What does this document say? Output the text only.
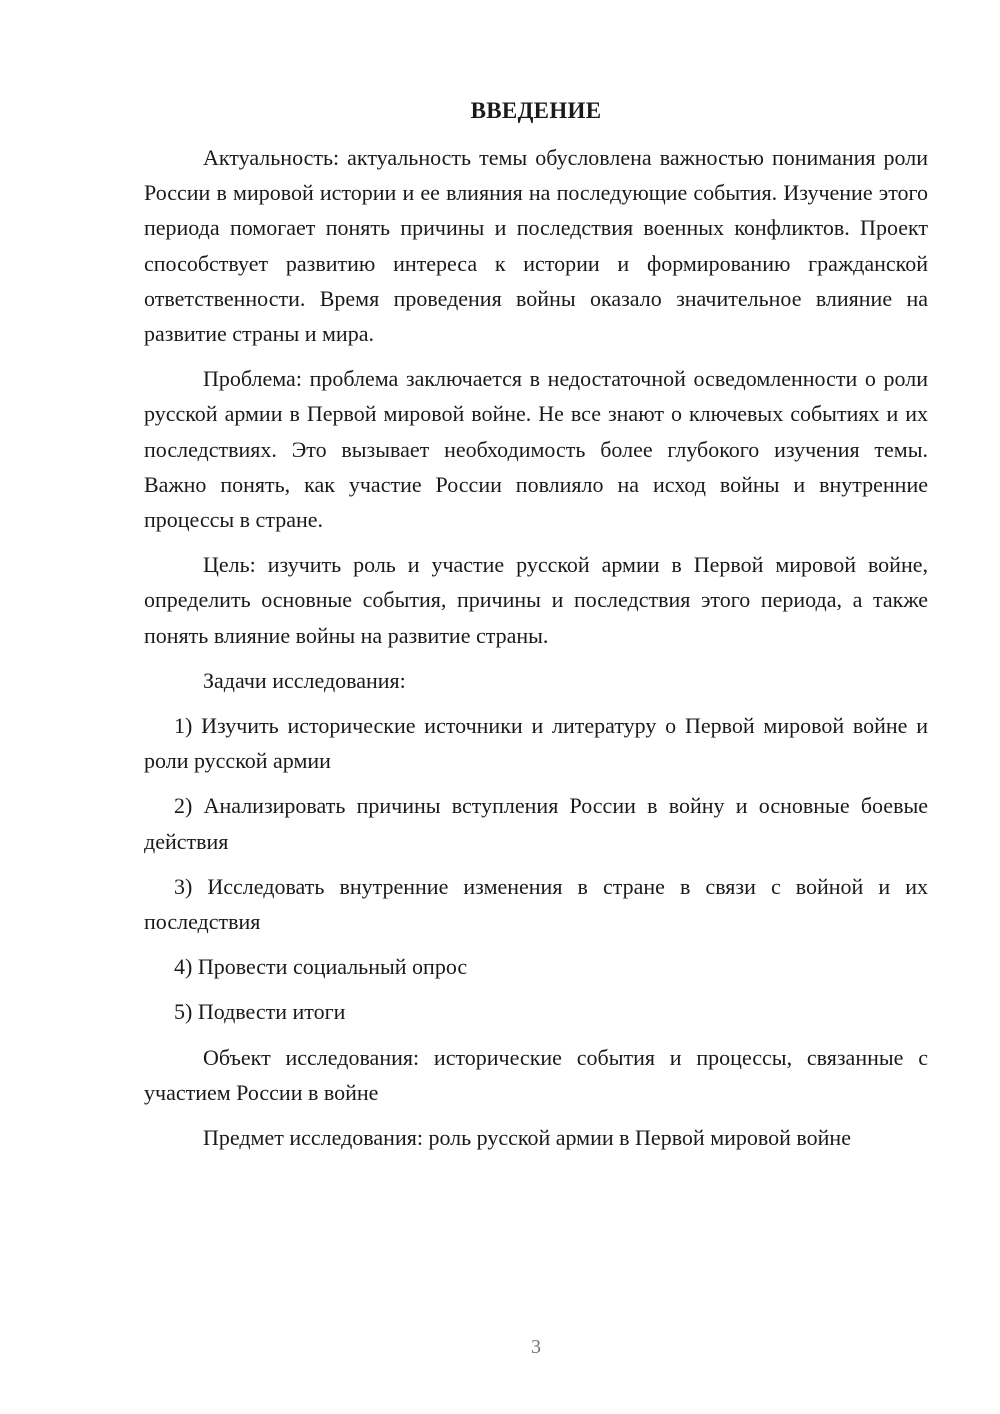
ВВЕДЕНИЕ

Актуальность: актуальность темы обусловлена важностью понимания роли России в мировой истории и ее влияния на последующие события. Изучение этого периода помогает понять причины и последствия военных конфликтов. Проект способствует развитию интереса к истории и формированию гражданской ответственности. Время проведения войны оказало значительное влияние на развитие страны и мира.

Проблема: проблема заключается в недостаточной осведомленности о роли русской армии в Первой мировой войне. Не все знают о ключевых событиях и их последствиях. Это вызывает необходимость более глубокого изучения темы. Важно понять, как участие России повлияло на исход войны и внутренние процессы в стране.

Цель: изучить роль и участие русской армии в Первой мировой войне, определить основные события, причины и последствия этого периода, а также понять влияние войны на развитие страны.

Задачи исследования:

1) Изучить исторические источники и литературу о Первой мировой войне и роли русской армии

2) Анализировать причины вступления России в войну и основные боевые действия

3) Исследовать внутренние изменения в стране в связи с войной и их последствия

4) Провести социальный опрос

5) Подвести итоги

Объект исследования: исторические события и процессы, связанные с участием России в войне

Предмет исследования: роль русской армии в Первой мировой войне

3
